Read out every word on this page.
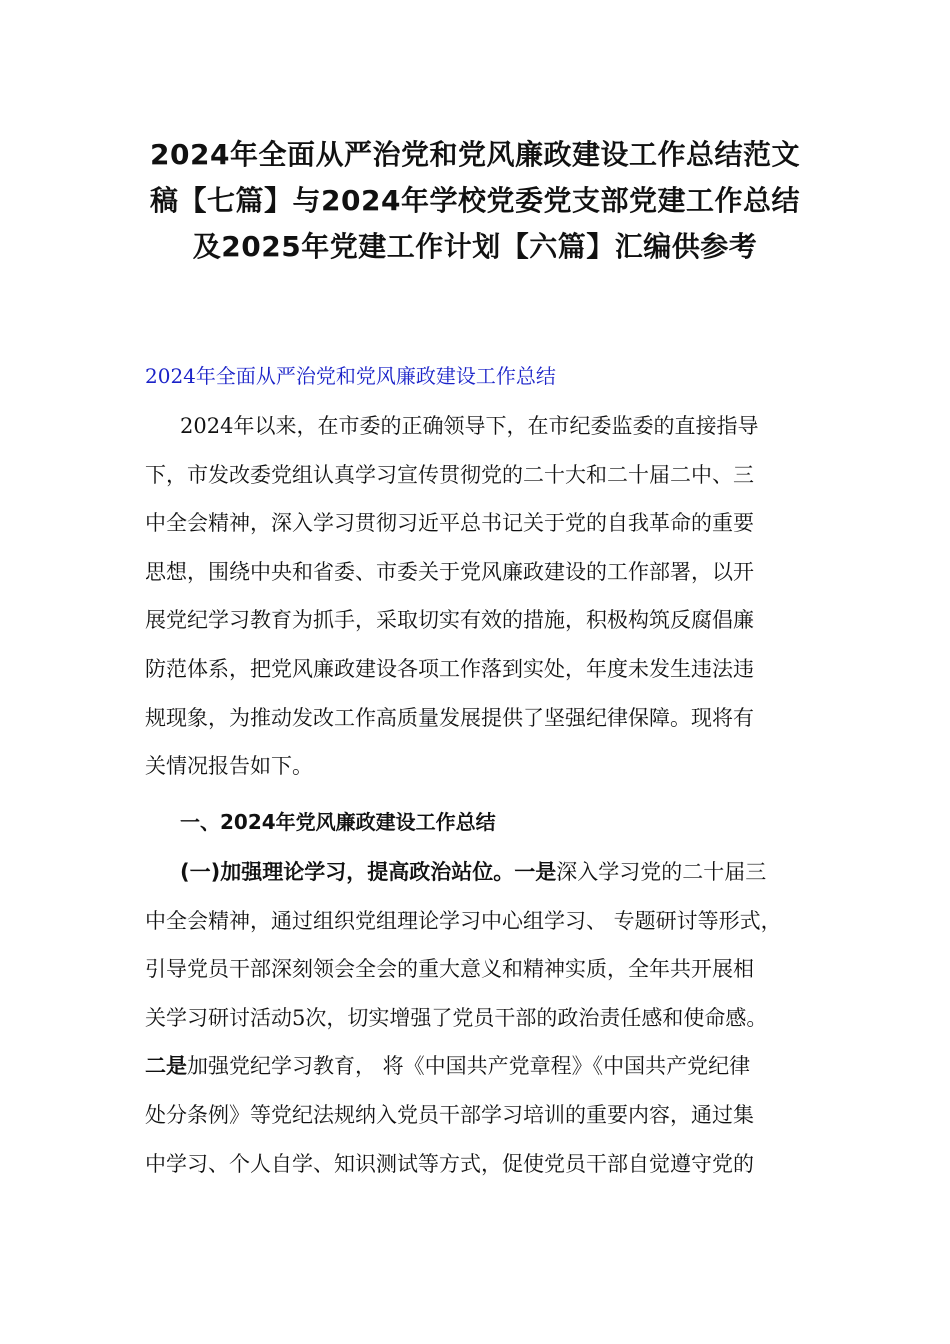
2024年全面从严治党和党风廉政建设工作总结范文
稿【七篇】与2024年学校党委党支部党建工作总结
及2025年党建工作计划【六篇】汇编供参考
2024年全面从严治党和党风廉政建设工作总结
2024年以来，在市委的正确领导下，在市纪委监委的直接指导
下，市发改委党组认真学习宣传贯彻党的二十大和二十届二中、三
中全会精神，深入学习贯彻习近平总书记关于党的自我革命的重要
思想，围绕中央和省委、市委关于党风廉政建设的工作部署，以开
展党纪学习教育为抓手，采取切实有效的措施，积极构筑反腐倡廉
防范体系，把党风廉政建设各项工作落到实处，年度未发生违法违
规现象，为推动发改工作高质量发展提供了坚强纪律保障。现将有
关情况报告如下。
一、2024年党风廉政建设工作总结
(一)加强理论学习，提高政治站位。一是深入学习党的二十届三
中全会精神，通过组织党组理论学习中心组学习、 专题研讨等形式，
引导党员干部深刻领会全会的重大意义和精神实质，全年共开展相
关学习研讨活动5次，切实增强了党员干部的政治责任感和使命感。
二是加强党纪学习教育， 将《中国共产党章程》《中国共产党纪律
处分条例》等党纪法规纳入党员干部学习培训的重要内容，通过集
中学习、个人自学、知识测试等方式，促使党员干部自觉遵守党的
